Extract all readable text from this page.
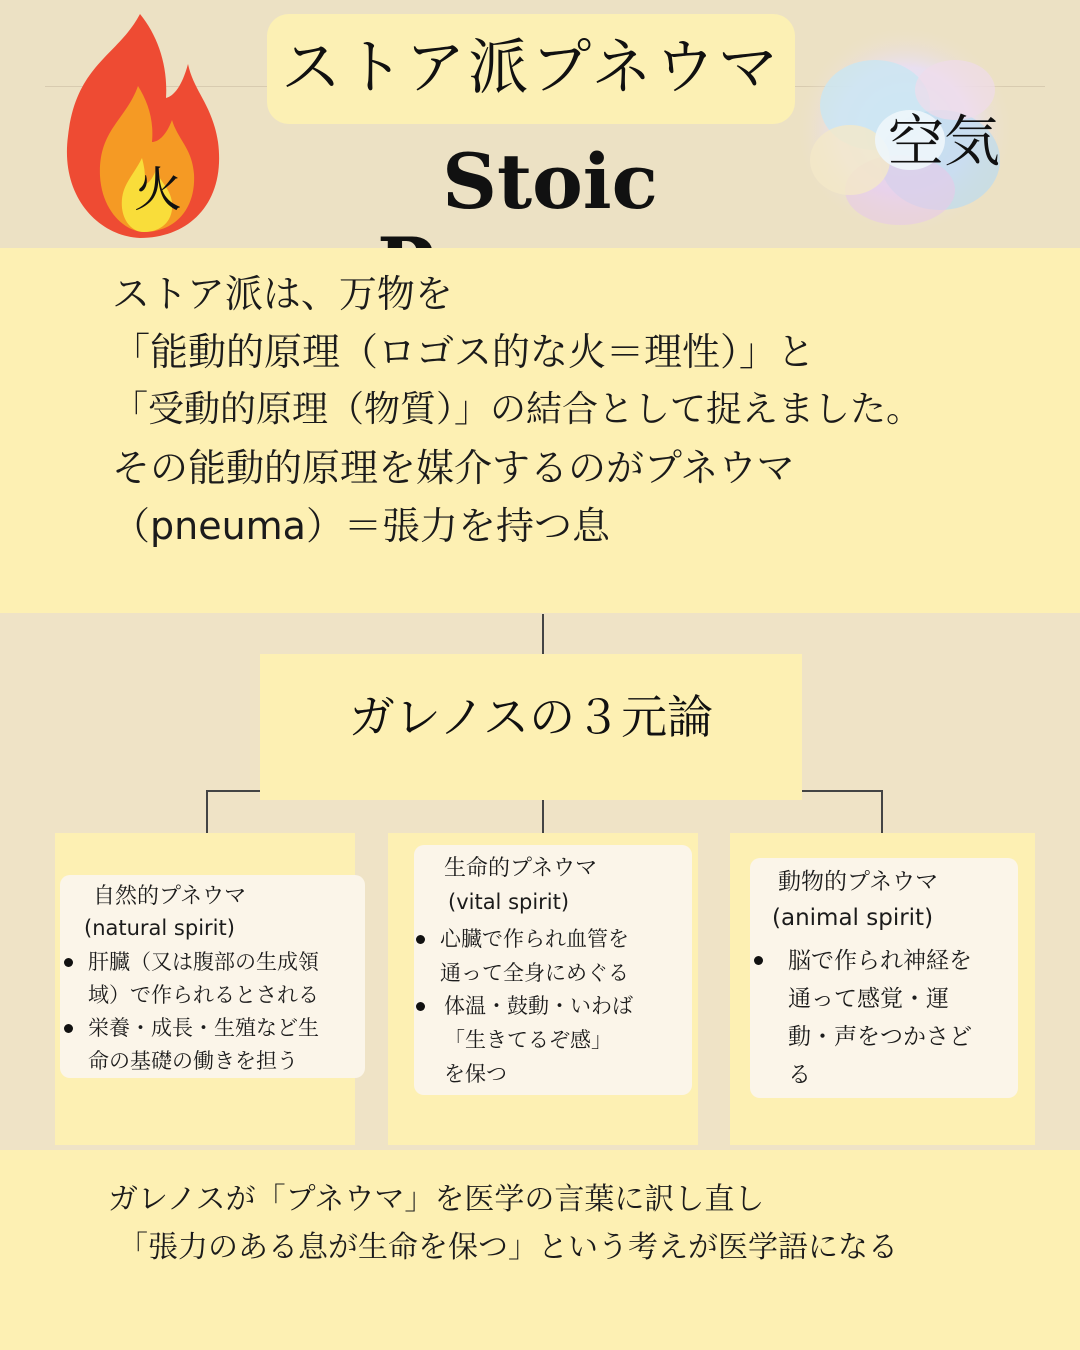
火
空気
ストア派プネウマ
Stoic
ストア派は、万物を
「能動的原理（ロゴス的な火＝理性）」と
「受動的原理（物質）」の結合として捉えました。
その能動的原理を媒介するのがプネウマ
（pneuma）＝張力を持つ息
ガレノスの３元論
自然的プネウマ
(natural spirit)
肝臓（又は腹部の生成領
域）で作られるとされる
栄養・成長・生殖など生
命の基礎の働きを担う
生命的プネウマ
(vital spirit)
心臓で作られ血管を
通って全身にめぐる
体温・鼓動・いわば
「生きてるぞ感」
を保つ
動物的プネウマ
(animal spirit)
脳で作られ神経を
通って感覚・運
動・声をつかさど
る
ガレノスが「プネウマ」を医学の言葉に訳し直し
「張力のある息が生命を保つ」という考えが医学語になる
